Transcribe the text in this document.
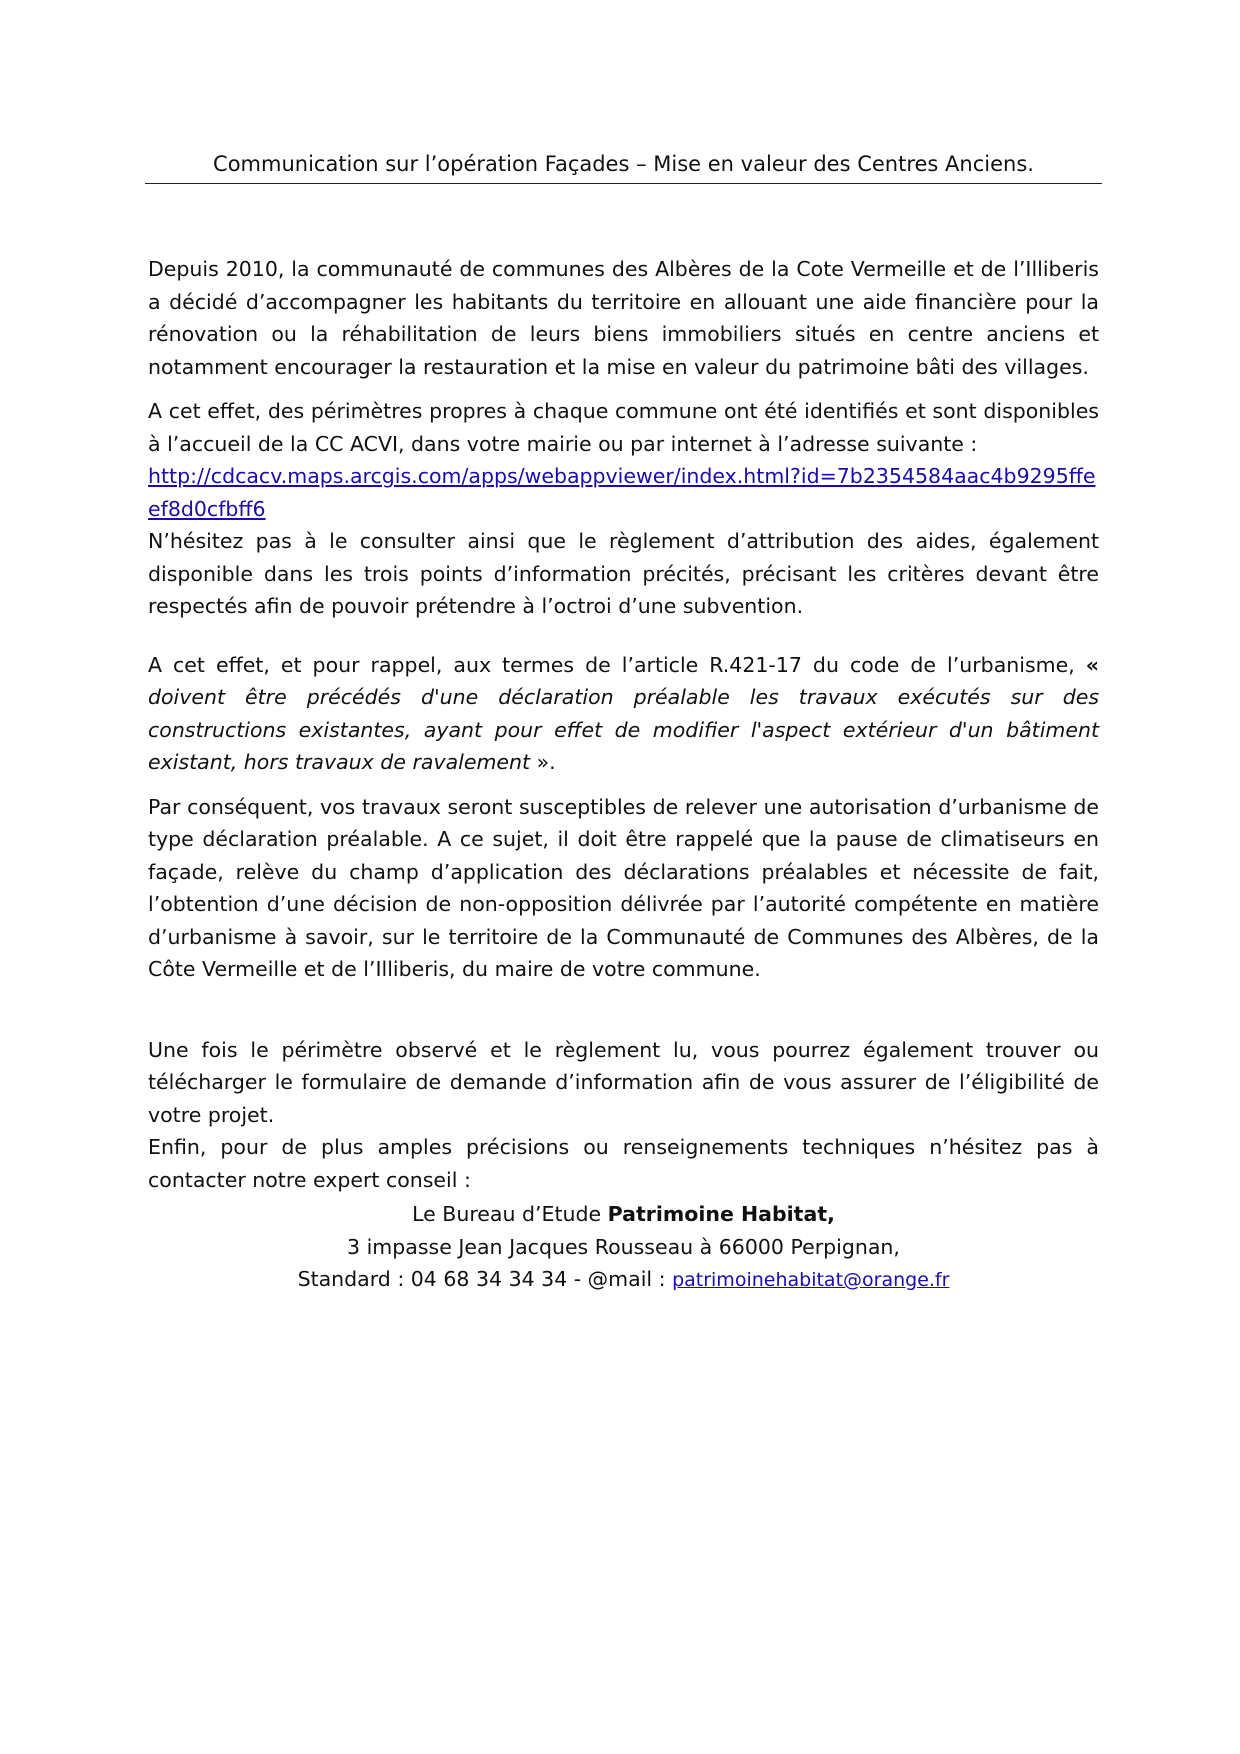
Communication sur l’opération Façades – Mise en valeur des Centres Anciens.

Depuis 2010, la communauté de communes des Albères de la Cote Vermeille et de l’Illiberis a décidé d’accompagner les habitants du territoire en allouant une aide financière pour la rénovation ou la réhabilitation de leurs biens immobiliers situés en centre anciens et notamment encourager la restauration et la mise en valeur du patrimoine bâti des villages.

A cet effet, des périmètres propres à chaque commune ont été identifiés et sont disponibles à l’accueil de la CC ACVI, dans votre mairie ou par internet à l’adresse suivante :
http://cdcacv.maps.arcgis.com/apps/webappviewer/index.html?id=7b2354584aac4b9295ffeef8d0cfbff6
N’hésitez pas à le consulter ainsi que le règlement d’attribution des aides, également disponible dans les trois points d’information précités, précisant les critères devant être respectés afin de pouvoir prétendre à l’octroi d’une subvention.

A cet effet, et pour rappel, aux termes de l’article R.421-17 du code de l’urbanisme, « doivent être précédés d'une déclaration préalable les travaux exécutés sur des constructions existantes, ayant pour effet de modifier l'aspect extérieur d'un bâtiment existant, hors travaux de ravalement ».

Par conséquent, vos travaux seront susceptibles de relever une autorisation d’urbanisme de type déclaration préalable. A ce sujet, il doit être rappelé que la pause de climatiseurs en façade, relève du champ d’application des déclarations préalables et nécessite de fait, l’obtention d’une décision de non-opposition délivrée par l’autorité compétente en matière d’urbanisme à savoir, sur le territoire de la Communauté de Communes des Albères, de la Côte Vermeille et de l’Illiberis, du maire de votre commune.

Une fois le périmètre observé et le règlement lu, vous pourrez également trouver ou télécharger le formulaire de demande d’information afin de vous assurer de l’éligibilité de votre projet.

Enfin, pour de plus amples précisions ou renseignements techniques n’hésitez pas à contacter notre expert conseil :

Le Bureau d’Etude Patrimoine Habitat,
3 impasse Jean Jacques Rousseau à 66000 Perpignan,
Standard : 04 68 34 34 34 - @mail : patrimoinehabitat@orange.fr
